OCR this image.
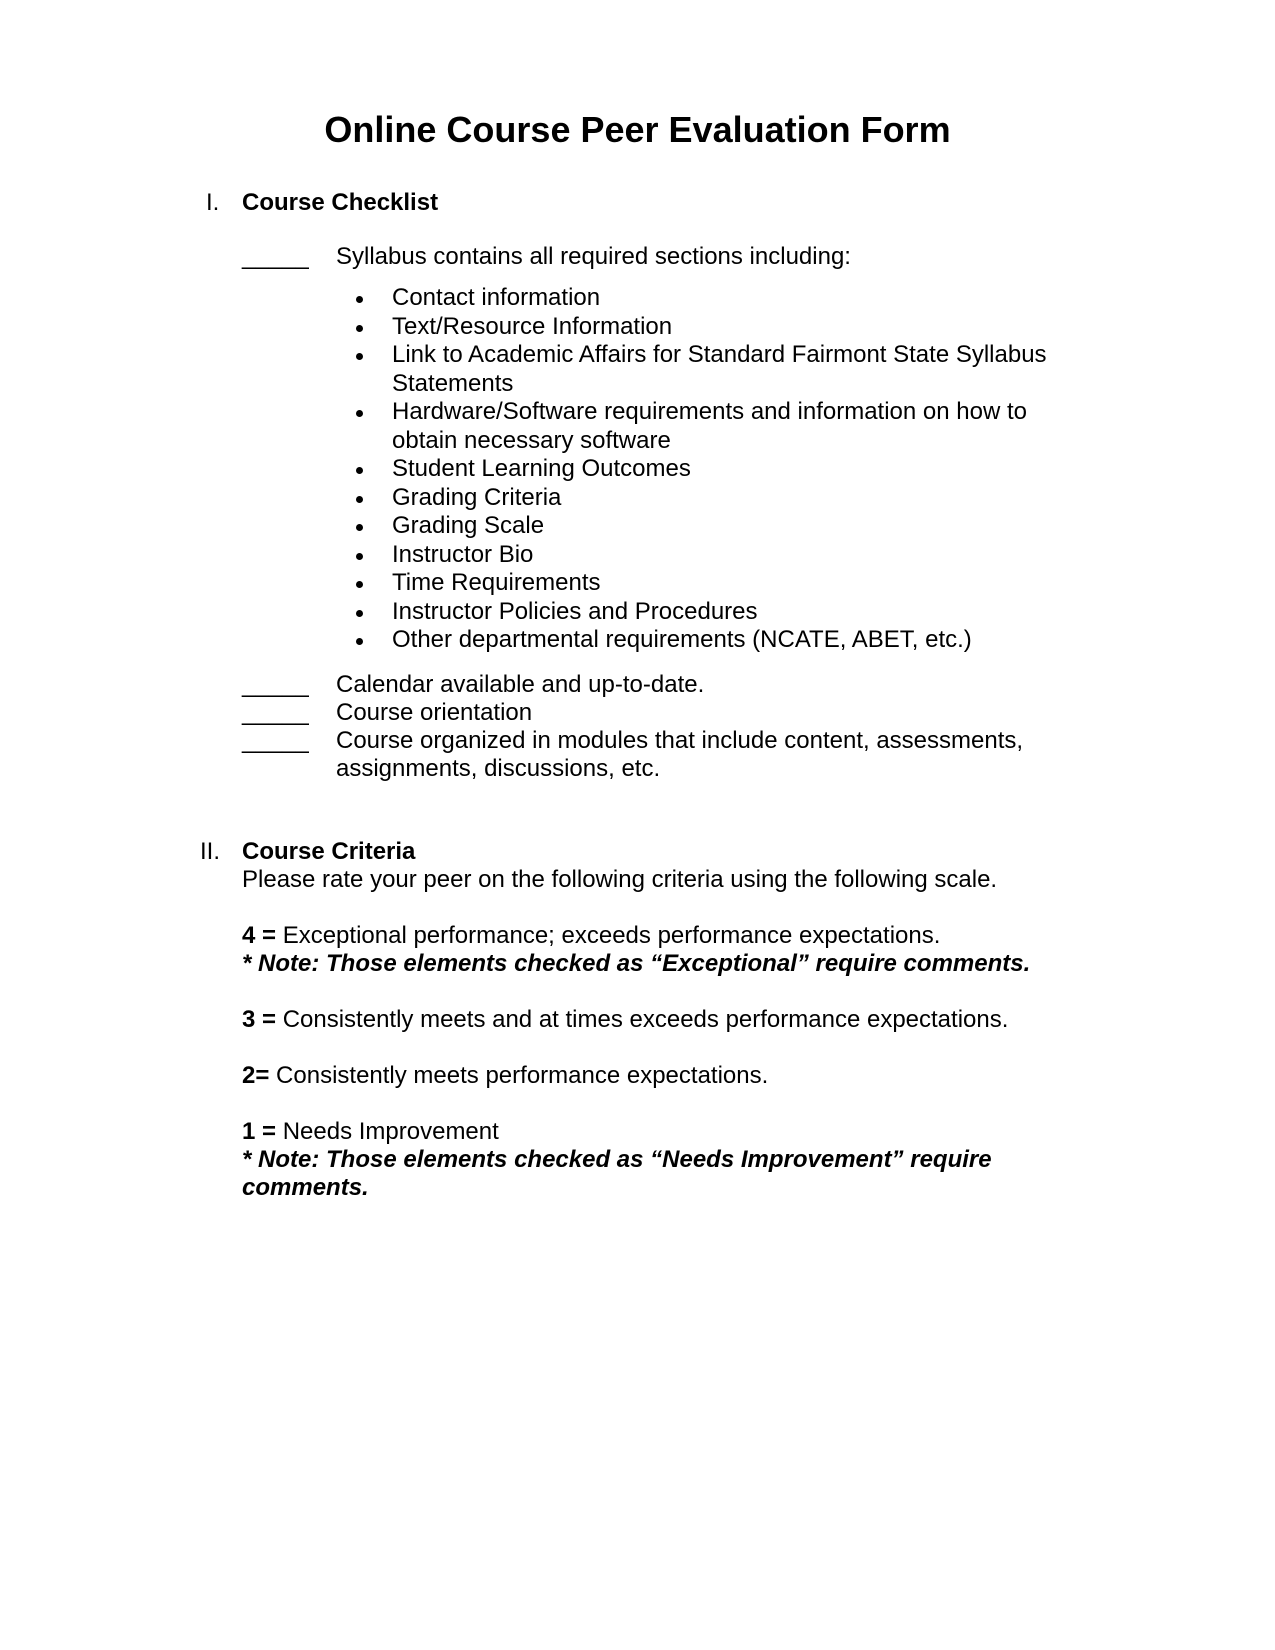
Online Course Peer Evaluation Form
I. Course Checklist
_____ Syllabus contains all required sections including:
Contact information
Text/Resource Information
Link to Academic Affairs for Standard Fairmont State Syllabus Statements
Hardware/Software requirements and information on how to obtain necessary software
Student Learning Outcomes
Grading Criteria
Grading Scale
Instructor Bio
Time Requirements
Instructor Policies and Procedures
Other departmental requirements (NCATE, ABET, etc.)
_____ Calendar available and up-to-date.
_____ Course orientation
_____ Course organized in modules that include content, assessments, assignments, discussions, etc.
II. Course Criteria

Please rate your peer on the following criteria using the following scale.

4 = Exceptional performance; exceeds performance expectations.

* Note: Those elements checked as “Exceptional” require comments.

3 = Consistently meets and at times exceeds performance expectations.

2= Consistently meets performance expectations.

1 = Needs Improvement

* Note: Those elements checked as “Needs Improvement” require comments.
